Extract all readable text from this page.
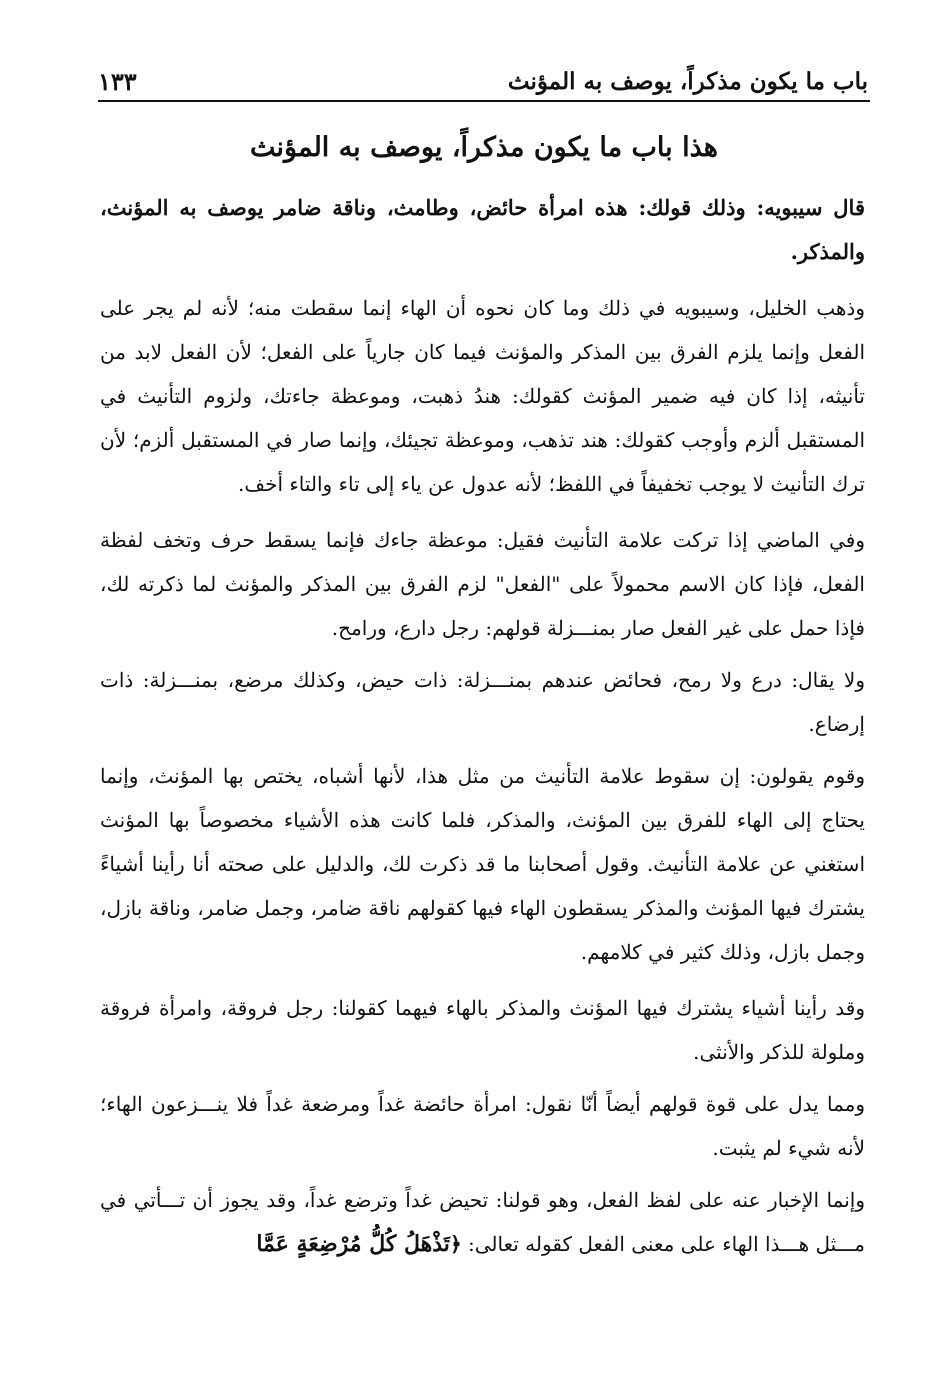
باب ما يكون مذكراً، يوصف به المؤنث
١٣٣
هذا باب ما يكون مذكراً، يوصف به المؤنث

قال سيبويه: وذلك قولك: هذه امرأة حائض، وطامث، وناقة ضامر يوصف به المؤنث، والمذكر.

وذهب الخليل، وسيبويه في ذلك وما كان نحوه أن الهاء إنما سقطت منه؛ لأنه لم يجر على الفعل وإنما يلزم الفرق بين المذكر والمؤنث فيما كان جارياً على الفعل؛ لأن الفعل لابد من تأنيثه، إذا كان فيه ضمير المؤنث كقولك: هندُ ذهبت، وموعظة جاءتك، ولزوم التأنيث في المستقبل ألزم وأوجب كقولك: هند تذهب، وموعظة تجيئك، وإنما صار في المستقبل ألزم؛ لأن ترك التأنيث لا يوجب تخفيفاً في اللفظ؛ لأنه عدول عن ياء إلى تاء والتاء أخف.

وفي الماضي إذا تركت علامة التأنيث فقيل: موعظة جاءك فإنما يسقط حرف وتخف لفظة الفعل، فإذا كان الاسم محمولاً على "الفعل" لزم الفرق بين المذكر والمؤنث لما ذكرته لك، فإذا حمل على غير الفعل صار بمنـــزلة قولهم: رجل دارع، ورامح.

ولا يقال: درع ولا رمح، فحائض عندهم بمنـــزلة: ذات حيض، وكذلك مرضع، بمنـــزلة: ذات إرضاع.

وقوم يقولون: إن سقوط علامة التأنيث من مثل هذا، لأنها أشباه، يختص بها المؤنث، وإنما يحتاج إلى الهاء للفرق بين المؤنث، والمذكر، فلما كانت هذه الأشياء مخصوصاً بها المؤنث استغني عن علامة التأنيث. وقول أصحابنا ما قد ذكرت لك، والدليل على صحته أنا رأينا أشياءً يشترك فيها المؤنث والمذكر يسقطون الهاء فيها كقولهم ناقة ضامر، وجمل ضامر، وناقة بازل، وجمل بازل، وذلك كثير في كلامهم.

وقد رأينا أشياء يشترك فيها المؤنث والمذكر بالهاء فيهما كقولنا: رجل فروقة، وامرأة فروقة وملولة للذكر والأنثى.

ومما يدل على قوة قولهم أيضاً أنّا نقول: امرأة حائضة غداً ومرضعة غداً فلا ينـــزعون الهاء؛ لأنه شيء لم يثبت.

وإنما الإخبار عنه على لفظ الفعل، وهو قولنا: تحيض غداً وترضع غداً، وقد يجوز أن تـــأتي في مـــثل هـــذا الهاء على معنى الفعل كقوله تعالى: ﴿تَذْهَلُ كُلُّ مُرْضِعَةٍ عَمَّا
